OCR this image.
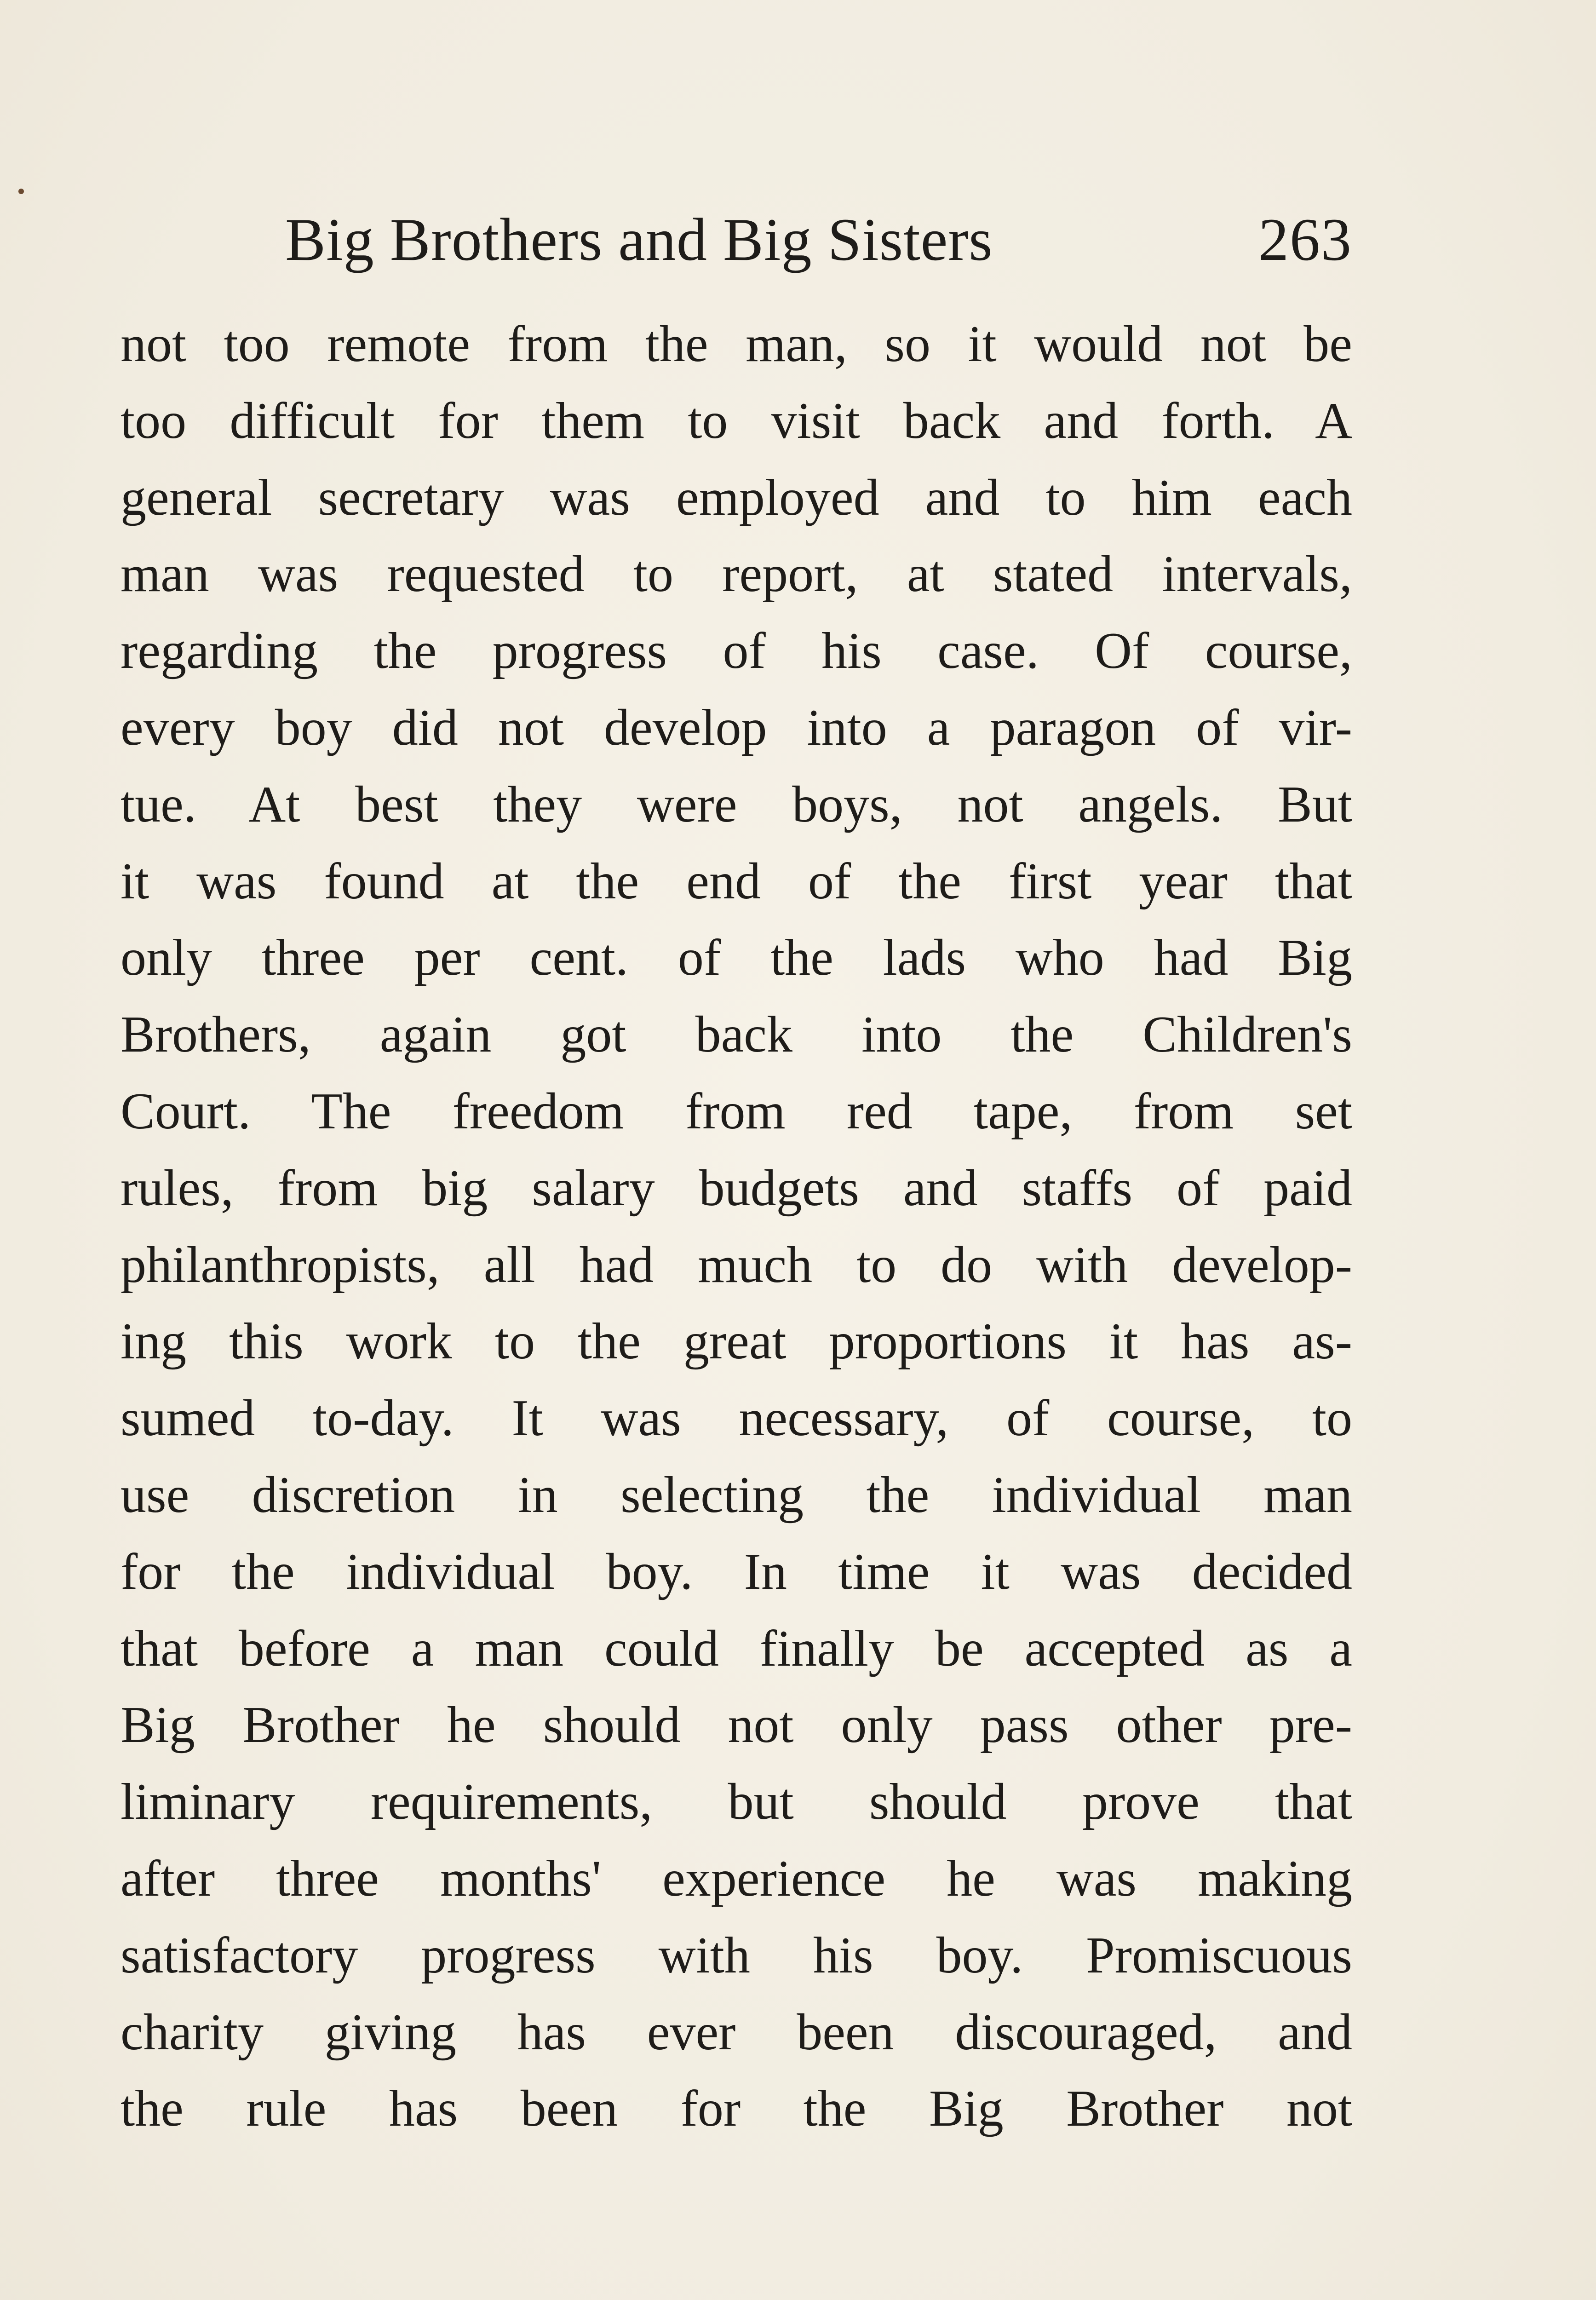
Big Brothers and Big Sisters	263
not too remote from the man, so it would not be
too difficult for them to visit back and forth. A
general secretary was employed and to him each
man was requested to report, at stated intervals,
regarding the progress of his case. Of course,
every boy did not develop into a paragon of vir-
tue. At best they were boys, not angels. But
it was found at the end of the first year that
only three per cent. of the lads who had Big
Brothers, again got back into the Children's
Court. The freedom from red tape, from set
rules, from big salary budgets and staffs of paid
philanthropists, all had much to do with develop-
ing this work to the great proportions it has as-
sumed to-day. It was necessary, of course, to
use discretion in selecting the individual man
for the individual boy. In time it was decided
that before a man could finally be accepted as a
Big Brother he should not only pass other pre-
liminary requirements, but should prove that
after three months' experience he was making
satisfactory progress with his boy. Promiscuous
charity giving has ever been discouraged, and
the rule has been for the Big Brother not
